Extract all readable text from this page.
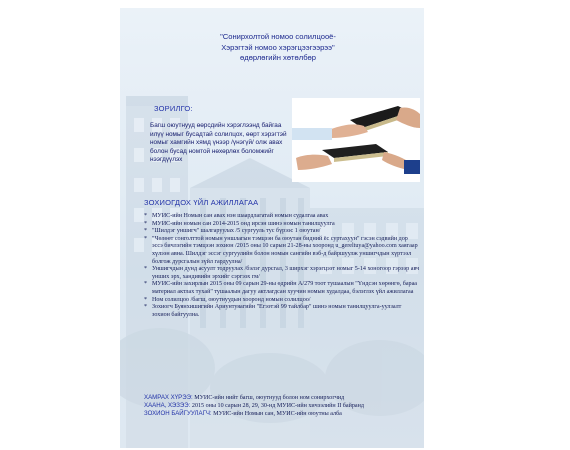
"Сонирхолтой номоо солилцооё-
Хэрэгтэй номоо хэрэгцээгээрээ"
өдөрлөгийн хөтөлбөр
ЗОРИЛГО:
Багш оюутнууд өөрсдийн хэрэглээнд байгаа илүү номыг бусадтай солилцох, өөрт хэрэгтэй номыг хамгийн хямд үнээр /үнэгүй/ олж авах болон бусад номтой нөхөрлөх боломжийг нээгдүүлэх
ЗОХИОГДОХ ҮЙЛ АЖИЛЛАГАА
* МУИС-ийн Номын сан авах нэн шаардлагатай номын судалгаа авах
* МУИС-ийн номын сан 2014-2015 онд ирсэн шинэ номын танилцуулга
* "Шилдэг уншигч" шалгаруулах /5 сургууль тус бүрээс 1 оюутан/
* "Чөлөөт сонголттой номын уншлагын тэмцээн ба оюутан бидний ёс суртахуун" гэсэн сэдвийн дор эссэ бичлэгийн тэмцээн зохион /2015 оны 10 сарын 21-28-ны хооронд u_gereltuya@yahoo.com хаягаар хүлээн авна. Шилдэг эссэг сургуулийн болон номын сангийн вэб-д байршуулж уншигчдын хүртээл болгож дурсгалын зүйл гардуулна/
* Уншигчдын дунд асуулт тодруулах /бэлэг дурсгал, 3 ширхэг хэрэгцээт номыг 5-14 хоногоор гэрээр авч уншиx эрх, хандивийн эрхийг сэргээх гм/
* МУИС-ийн захирлын 2015 оны 09 сарын 29-ны өдрийн А/279 тоот тушаалын "Үндсэн хөрөнгө, бараа материал актлах тухай" тушаалын дагуу актлагдсан хуучин номын худалдаа, бэлэглэх үйл ажиллагаа
* Ном солилцоо /багш, оюутнуудын хооронд номын солилцоо/
* Зохиогч Буянхишигийн Ариунтуяагийн "Егээтэй 99 тайлбар" шинэ номын танилцуулга-уулзалт зохион байгуулна.
ХАМРАХ ХҮРЭЭ: МУИС-ийн нийт багш, оюутнууд болон ном сонирхогчид
ХААНА, ХЭЗЭЭ: 2015 оны 10 сарын 28, 29, 30-нд МУИС-ийн хичээлийн II байранд
ЗОХИОН БАЙГУУЛАГЧ: МУИС-ийн Номын сан, МУИС-ийн оюутны алба
